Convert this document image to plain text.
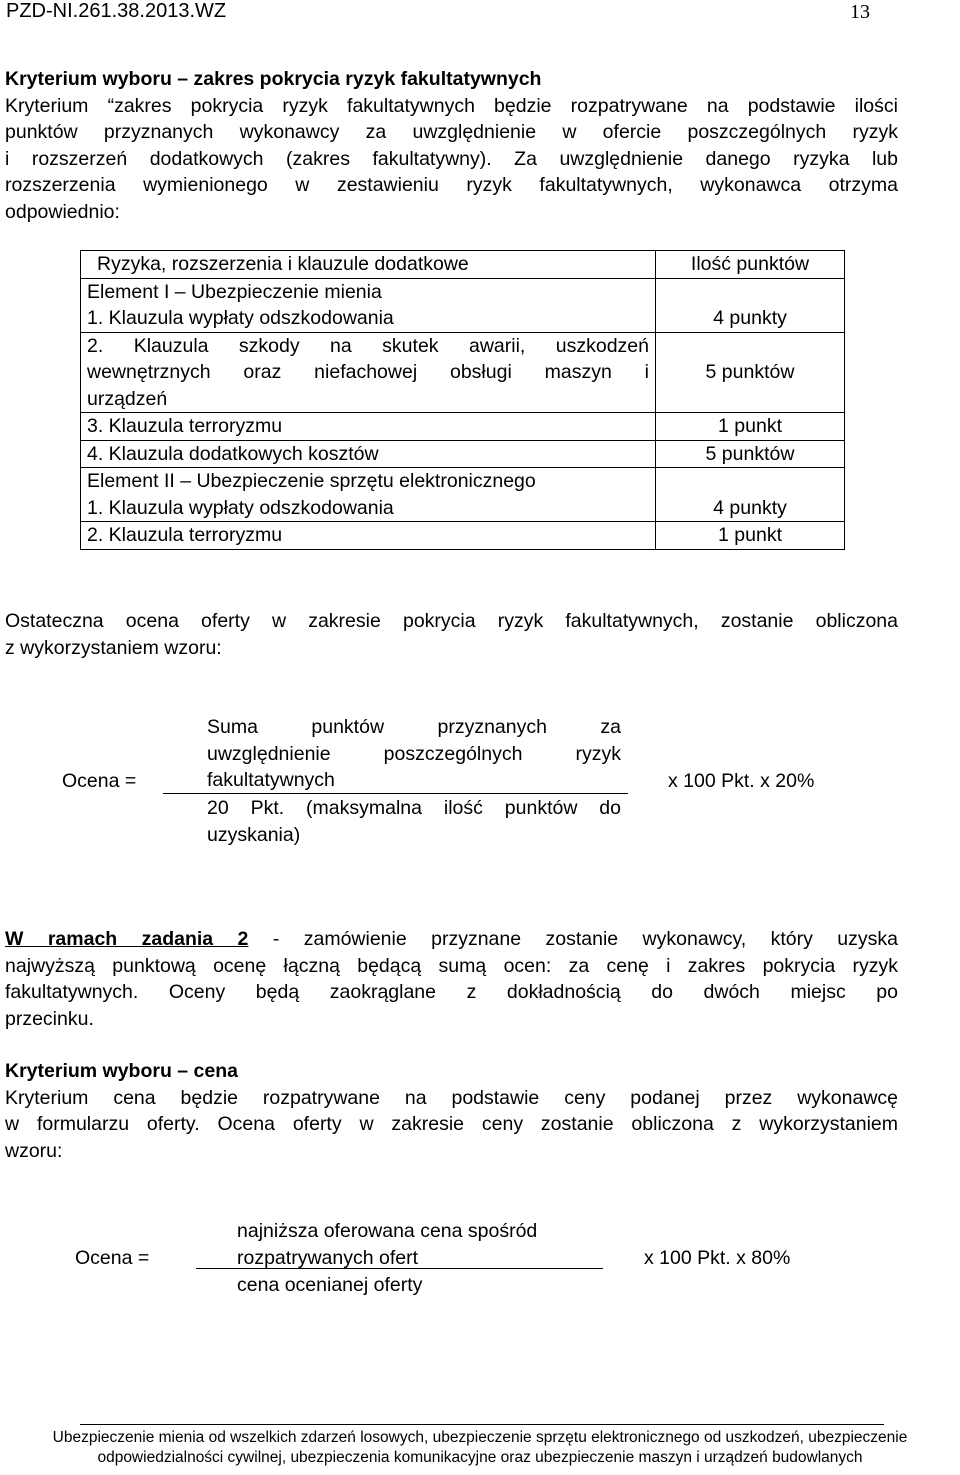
PZD-NI.261.38.2013.WZ	13
Kryterium wyboru – zakres pokrycia ryzyk fakultatywnych
Kryterium “zakres pokrycia ryzyk fakultatywnych będzie rozpatrywane na podstawie ilości
punktów przyznanych wykonawcy za uwzględnienie w ofercie poszczególnych ryzyk
i rozszerzeń dodatkowych (zakres fakultatywny). Za uwzględnienie danego ryzyka lub
rozszerzenia wymienionego w zestawieniu ryzyk fakultatywnych, wykonawca otrzyma
odpowiednio:
Ryzyka, rozszerzenia i klauzule dodatkowe	Ilość punktów
Element I – Ubezpieczenie mienia	
1. Klauzula wypłaty odszkodowania	4 punkty

2. Klauzula szkody na skutek awarii, uszkodzeń
wewnętrznych oraz niefachowej obsługi maszyn i
urządzeń	5 punktów
3. Klauzula terroryzmu	1 punkt
4. Klauzula dodatkowych kosztów	5 punktów
Element II – Ubezpieczenie sprzętu elektronicznego	
1. Klauzula wypłaty odszkodowania	4 punkty
2. Klauzula terroryzmu	1 punkt
Ostateczna ocena oferty w zakresie pokrycia ryzyk fakultatywnych, zostanie obliczona
z wykorzystaniem wzoru:
Ocena =
Suma punktów przyznanych za
uwzględnienie poszczególnych ryzyk
fakultatywnych
20 Pkt. (maksymalna ilość punktów do
uzyskania)
x 100 Pkt. x 20%
W ramach zadania 2 - zamówienie przyznane zostanie wykonawcy, który uzyska
najwyższą punktową ocenę łączną będącą sumą ocen: za cenę i zakres pokrycia ryzyk
fakultatywnych. Oceny będą zaokrąglane z dokładnością do dwóch miejsc po
przecinku.
Kryterium wyboru – cena
Kryterium cena będzie rozpatrywane na podstawie ceny podanej przez wykonawcę
w formularzu oferty. Ocena oferty w zakresie ceny zostanie obliczona z wykorzystaniem
wzoru:
Ocena =
najniższa oferowana cena spośród
rozpatrywanych ofert
cena ocenianej oferty
x 100 Pkt. x 80%
Ubezpieczenie mienia od wszelkich zdarzeń losowych, ubezpieczenie sprzętu elektronicznego od uszkodzeń, ubezpieczenie
odpowiedzialności cywilnej, ubezpieczenia komunikacyjne oraz ubezpieczenie maszyn i urządzeń budowlanych
